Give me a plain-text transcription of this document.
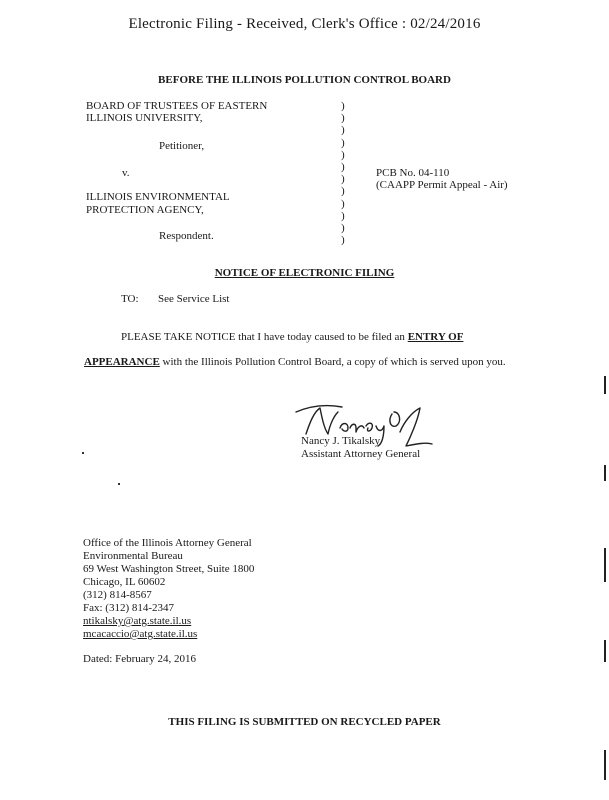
Electronic Filing - Received, Clerk's Office : 02/24/2016
BEFORE THE ILLINOIS POLLUTION CONTROL BOARD
BOARD OF TRUSTEES OF EASTERN
ILLINOIS UNIVERSITY,
Petitioner,
v.
ILLINOIS ENVIRONMENTAL
PROTECTION AGENCY,
Respondent.
)
)
)
)
)
)
)
)
)
)
)
)
PCB No. 04-110
(CAAPP Permit Appeal - Air)
NOTICE OF ELECTRONIC FILING
TO: See Service List
PLEASE TAKE NOTICE that I have today caused to be filed an ENTRY OF
APPEARANCE with the Illinois Pollution Control Board, a copy of which is served upon you.
Nancy J. Tikalsky
Assistant Attorney General
Office of the Illinois Attorney General
Environmental Bureau
69 West Washington Street, Suite 1800
Chicago, IL 60602
(312) 814-8567
Fax: (312) 814-2347
ntikalsky@atg.state.il.us
mcacaccio@atg.state.il.us
Dated: February 24, 2016
THIS FILING IS SUBMITTED ON RECYCLED PAPER
